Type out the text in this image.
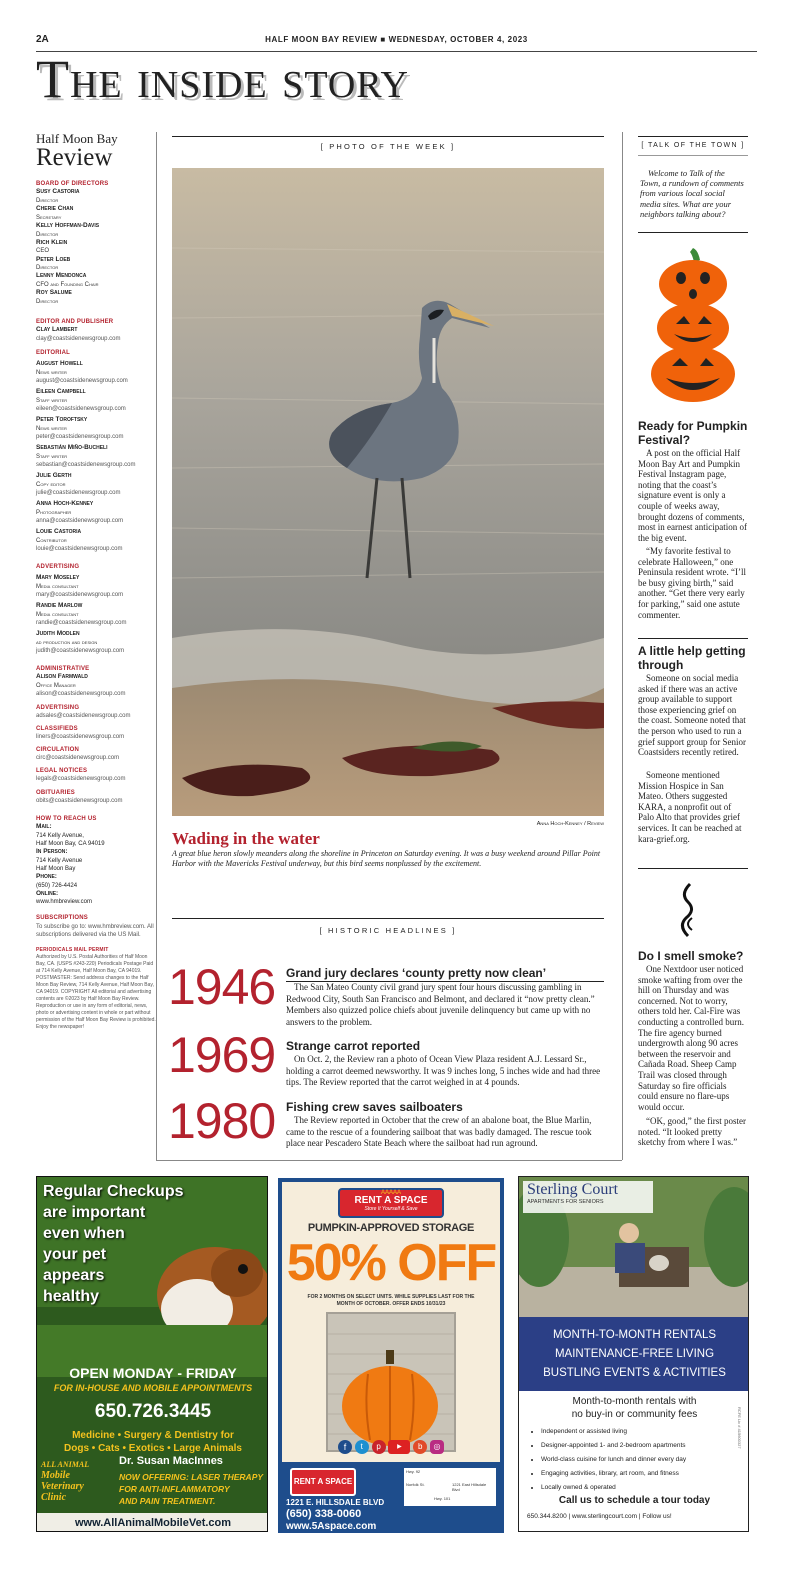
2A	HALF MOON BAY REVIEW ■ WEDNESDAY, OCTOBER 4, 2023
The inside story
Half Moon Bay
Review
BOARD OF DIRECTORS
Susy Castoria
Director
Cherie Chan
Secretary
Kelly Hoffman-Davis
Director
Rich Klein
CEO
Peter Loeb
Director
Lenny Mendonca
CFO and Founding Chair
Roy Salume
Director
EDITOR AND PUBLISHER
Clay Lambert
clay@coastsidenewsgroup.com
EDITORIAL
August Howell
News writer
august@coastsidenewsgroup.com
Eileen Campbell
Staff writer
eileen@coastsidenewsgroup.com
Peter Toroftsky
News writer
peter@coastsidenewsgroup.com
Sebastián Miño-Bucheli
Staff writer
sebastian@coastsidenewsgroup.com
Julie Gerth
Copy editor
julie@coastsidenewsgroup.com
Anna Hoch-Kenney
Photographer
anna@coastsidenewsgroup.com
Louie Castoria
Contributor
louie@coastsidenewsgroup.com
ADVERTISING
Mary Moseley
Media consultant
mary@coastsidenewsgroup.com
Randie Marlow
Media consultant
randie@coastsidenewsgroup.com
Judith Modlen
ad production and design
judith@coastsidenewsgroup.com
ADMINISTRATIVE
Alison Farmwald
Office Manager
alison@coastsidenewsgroup.com
ADVERTISING
adsales@coastsidenewsgroup.com
CLASSIFIEDS
liners@coastsidenewsgroup.com
CIRCULATION
circ@coastsidenewsgroup.com
LEGAL NOTICES
legals@coastsidenewsgroup.com
OBITUARIES
obits@coastsidenewsgroup.com
HOW TO REACH US
Mail:
714 Kelly Avenue,
Half Moon Bay, CA 94019
In Person:
714 Kelly Avenue
Half Moon Bay
Phone:
(650) 726-4424
Online:
www.hmbreview.com
SUBSCRIPTIONS
To subscribe go to: www.hmbreview.com. All subscriptions delivered via the US Mail.
PERIODICALS MAIL PERMIT
Authorized by U.S. Postal Authorities of Half Moon Bay, CA. (USPS #243-220) Periodicals Postage Paid at 714 Kelly Avenue, Half Moon Bay, CA 94019. POSTMASTER: Send address changes to the Half Moon Bay Review, 714 Kelly Avenue, Half Moon Bay, CA 94019. COPYRIGHT All editorial and advertising contents are ©2023 by Half Moon Bay Review. Reproduction or use in any form of editorial, news, photo or advertising content in whole or part without permission of the Half Moon Bay Review is prohibited. Enjoy the newspaper!
[ PHOTO OF THE WEEK ]
Anna Hoch-Kenney / Review
Wading in the water
A great blue heron slowly meanders along the shoreline in Princeton on Saturday evening. It was a busy weekend around Pillar Point Harbor with the Mavericks Festival underway, but this bird seems nonplussed by the excitement.
[ HISTORIC HEADLINES ]
1946 Grand jury declares ‘county pretty now clean’
The San Mateo County civil grand jury spent four hours discussing gambling in Redwood City, South San Francisco and Belmont, and declared it “now pretty clean.” Members also quizzed police chiefs about juvenile delinquency but came up with no answers to the problem.
1969 Strange carrot reported
On Oct. 2, the Review ran a photo of Ocean View Plaza resident A.J. Lessard Sr., holding a carrot deemed newsworthy. It was 9 inches long, 5 inches wide and had three tips. The Review reported that the carrot weighed in at 4 pounds.
1980 Fishing crew saves sailboaters
The Review reported in October that the crew of an abalone boat, the Blue Marlin, came to the rescue of a foundering sailboat that was badly damaged. The rescue took place near Pescadero State Beach where the sailboat had run aground.
[ TALK OF THE TOWN ]
Welcome to Talk of the Town, a rundown of comments from various local social media sites. What are your neighbors talking about?
Ready for Pumpkin Festival?
A post on the official Half Moon Bay Art and Pumpkin Festival Instagram page, noting that the coast’s signature event is only a couple of weeks away, brought dozens of comments, most in earnest anticipation of the big event.
“My favorite festival to celebrate Halloween,” one Peninsula resident wrote. “I’ll be busy giving birth,” said another. “Get there very early for parking,” said one astute commenter.
A little help getting through
Someone on social media asked if there was an active group available to support those experiencing grief on the coast. Someone noted that the person who used to run a grief support group for Senior Coastsiders recently retired.
Someone mentioned Mission Hospice in San Mateo. Others suggested KARA, a nonprofit out of Palo Alto that provides grief services. It can be reached at kara-grief.org.
Do I smell smoke?
One Nextdoor user noticed smoke wafting from over the hill on Thursday and was concerned. Not to worry, others told her. Cal-Fire was conducting a controlled burn. The fire agency burned undergrowth along 90 acres between the reservoir and Cañada Road. Sheep Camp Trail was closed through Saturday so fire officials could ensure no flare-ups would occur.
“OK, good,” the first poster noted. “It looked pretty sketchy from where I was.”
Regular Checkups
are important
even when
your pet
appears
healthy
OPEN MONDAY - FRIDAY
FOR IN-HOUSE AND MOBILE APPOINTMENTS
650.726.3445
Medicine • Surgery & Dentistry for
Dogs • Cats • Exotics • Large Animals
ALL ANIMAL
Mobile
Veterinary
Clinic
Dr. Susan MacInnes
NOW OFFERING: LASER THERAPY
FOR ANTI-INFLAMMATORY
AND PAIN TREATMENT.
www.AllAnimalMobileVet.com
AAAAA
RENT A SPACE
Store It Yourself & Save
PUMPKIN-APPROVED STORAGE
50% OFF
FOR 2 MONTHS ON SELECT UNITS. WHILE SUPPLIES LAST FOR THE MONTH OF OCTOBER. OFFER ENDS 10/31/23
f	t	p	▶	b	◎
RENT A SPACE
Hwy. 92
1221 East Hillsdale Blvd
Norfolk St.
Hwy. 101
1221 E. HILLSDALE BLVD
(650) 338-0060
www.5Aspace.com
Sterling Court
APARTMENTS FOR SENIORS
MONTH-TO-MONTH RENTALS
MAINTENANCE-FREE LIVING
BUSTLING EVENTS & ACTIVITIES
Month-to-month rentals with
no buy-in or community fees
• Independent or assisted living
• Designer-appointed 1- and 2-bedroom apartments
• World-class cuisine for lunch and dinner every day
• Engaging activities, library, art room, and fitness
• Locally owned & operated
Call us to schedule a tour today
650.344.8200 | www.sterlingcourt.com | Follow us!
RCFE Lic # 415600327
